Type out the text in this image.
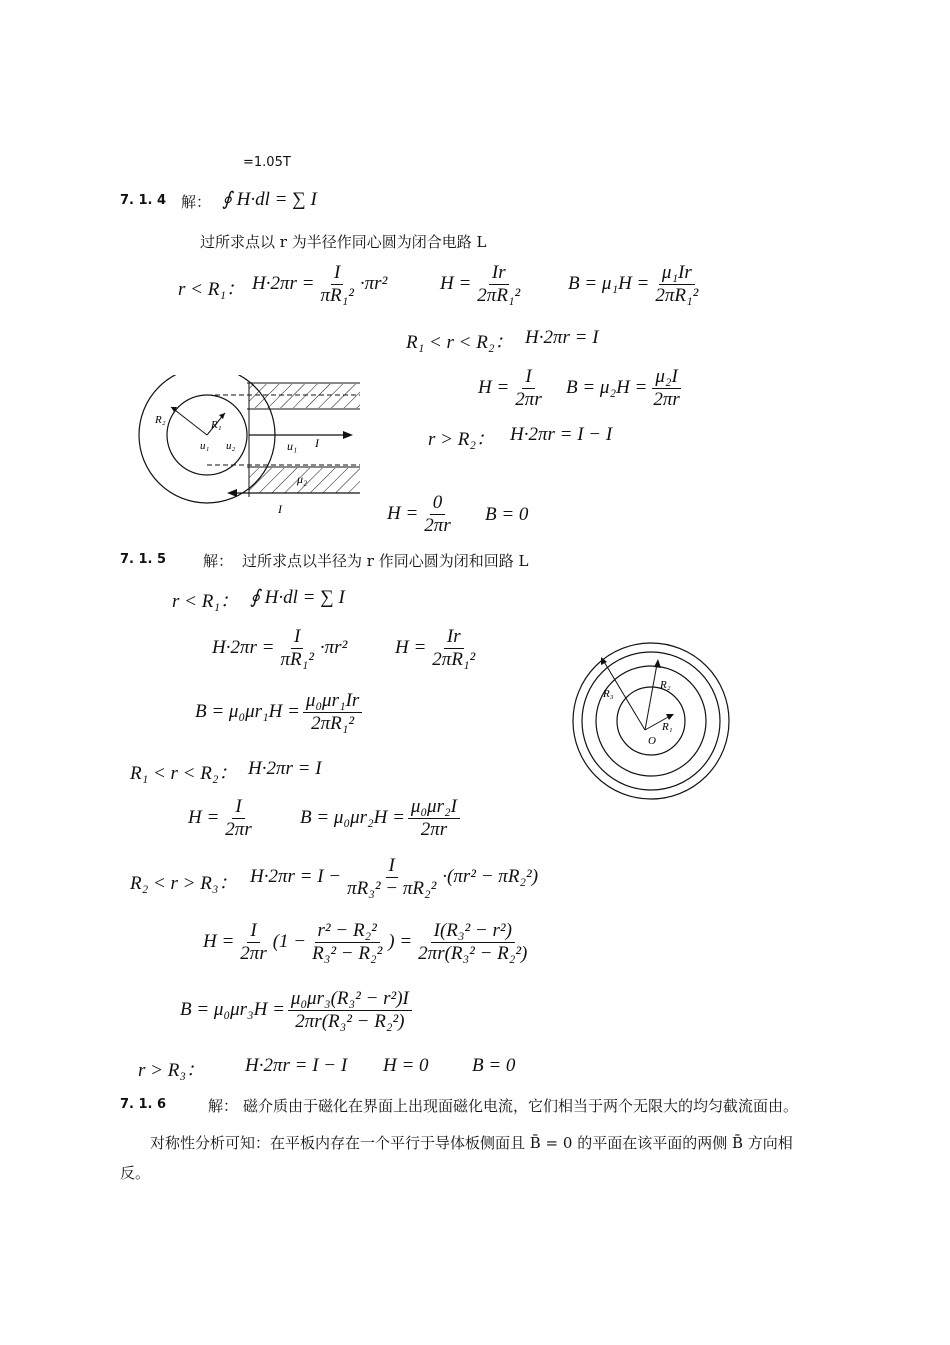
=1.05T
7. 1. 4 解： ∮ H·dl = ∑ I
过所求点以 r 为半径作同心圆为闭合电路 L
r < R₁： $H\cdot 2\pi r = \frac{I}{\text{πR₁²}} \cdot\pi r^2$	$H = \frac{Ir}{\text{2πR₁²}}$ $B = \mu_1H = \frac{\text{μ₁Ir}}{\text{2πR₁²}}$
R₁ < r < R₂： H·2πr = I
$H = \frac{I}{2\pi r}$ $B = \mu_2H = \frac{\text{μ₂I}}{2\pi r}$
r > R₂： H·2πr = I − I
$H = \frac{0}{2\pi r}$ B = 0
R₂	R₁
u₁ u₂	u₁ I
μ₂
I
7. 1. 5 解： 过所求点以半径为 r 作同心圆为闭和回路 L
r < R₁： ∮ H·dl = ∑ I
$H\cdot 2\pi r = \frac{I}{\text{πR₁²}} \cdot\pi r^2$	$H = \frac{Ir}{\text{2πR₁²}}$
$B = \mu_0\mu r_1H = \frac{\text{μ₀μr₁Ir}}{\text{2πR₁²}}$
R₁ < r < R₂： H·2πr = I
$H = \frac{I}{2\pi r}$ $B = \mu_0\mu r_2H = \frac{\text{μ₀μr₂I}}{2\pi r}$
R₂ < r > R₃： $H\cdot 2\pi r = I - \frac{I}{\text{πR₃² − πR₂²}} \cdot(\pi r^2 - \pi R_2^2)$
$H = \frac{I}{2\pi r} (1 - \frac{\text{r² − R₂²}}{\text{R₃² − R₂²}}$ ) = $\frac{\text{I(R₃² − r²)}}{\text{2πr(R₃² − R₂²)}}$
$B = \mu_0\mu r_3H = \frac{\text{μ₀μr₃(R₃² − r²)I}}{\text{2πr(R₃² − R₂²)}}$
r > R₃： H·2πr = I − I H = 0 B = 0
R₃
R₂
R₁
O
7. 1. 6	解： 磁介质由于磁化在界面上出现面磁化电流，它们相当于两个无限大的均匀截流面由。
对称性分析可知：在平板内存在一个平行于导体板侧面且 B̄ = 0 的平面在该平面的两侧 B̄ 方向相
反。
